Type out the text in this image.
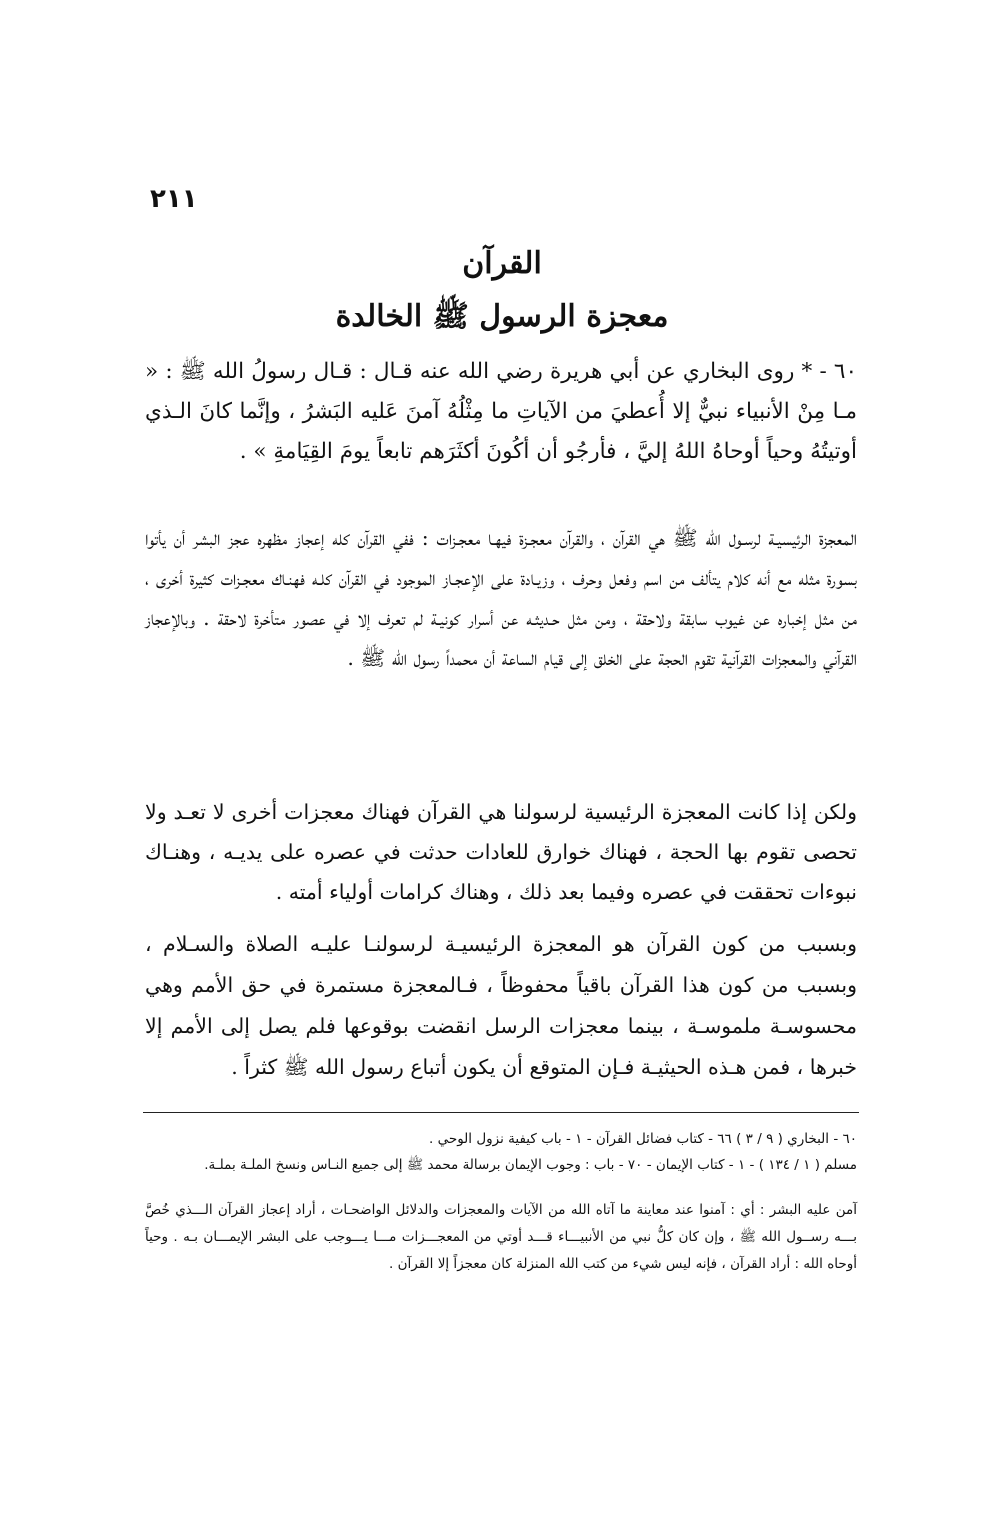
٢١١
القرآن
معجزة الرسول ﷺ الخالدة

٦٠ - * روى البخاري عن أبي هريرة رضي الله عنه قـال : قـال رسولُ الله ﷺ : « مـا مِنْ الأنبياء نبيٌّ إلا أُعطيَ من الآياتِ ما مِثْلُهُ آمنَ عَليه البَشرُ ، وإنَّما كانَ الـذي أوتيتُهُ وحياً أوحاهُ اللهُ إليَّ ، فأرجُو أن أكُونَ أكثَرَهم تابعاً يومَ القِيَامةِ » .

المعجزة الرئيسيـة لرسـول الله ﷺ هي القرآن ، والقرآن معجـزة فيهـا معجـزات : ففي القرآن كله إعجاز مظهره عجز البشر أن يأتوا بسورة مثله مع أنه كلام يتألف من اسم وفعل وحرف ، وزيـادة على الإعجـاز الموجود في القرآن كلـه فهنـاك معجـزات كثيرة أخرى ، من مثل إخباره عن غيوب سابقة ولاحقة ، ومن مثل حـديثـه عن أسرار كونيـة لم تعرف إلا في عصور متأخرة لاحقة . وبالإعجاز القرآني والمعجزات القرآنية تقوم الحجة على الخلق إلى قيام الساعة أن محمداً رسول الله ﷺ .

ولكن إذا كانت المعجزة الرئيسية لرسولنا هي القرآن فهناك معجزات أخرى لا تعـد ولا تحصى تقوم بها الحجة ، فهناك خوارق للعادات حدثت في عصره على يديـه ، وهنـاك نبوءات تحققت في عصره وفيما بعد ذلك ، وهناك كرامات أولياء أمته .

وبسبب من كون القرآن هو المعجزة الرئيسيـة لرسولنـا عليـه الصلاة والسـلام ، وبسبب من كون هذا القرآن باقياً محفوظاً ، فـالمعجزة مستمرة في حق الأمم وهي محسوسـة ملموسـة ، بينما معجزات الرسل انقضت بوقوعها فلم يصل إلى الأمم إلا خبرها ، فمن هـذه الحيثيـة فـإن المتوقع أن يكون أتباع رسول الله ﷺ كثراً .

٦٠ - البخاري ( ٩ / ٣ ) ٦٦ - كتاب فضائل القرآن - ١ - باب كيفية نزول الوحي .

مسلم ( ١ / ١٣٤ ) - ١ - كتاب الإيمان - ٧٠ - باب : وجوب الإيمان برسالة محمد ﷺ إلى جميع النـاس ونسخ الملـة بملـة.

آمن عليه البشر : أي : آمنوا عند معاينة ما آتاه الله من الآيات والمعجزات والدلائل الواضحـات ، أراد إعجاز القرآن الـــذي خُصَّ بـــه رســول الله ﷺ ، وإن كان كلُّ نبي من الأنبيـــاء قـــد أوتي من المعجـــزات مـــا يـــوجب على البشر الإيمـــان بـه . وحياً أوحاه الله : أراد القرآن ، فإنه ليس شيء من كتب الله المنزلة كان معجزاً إلا القرآن .
